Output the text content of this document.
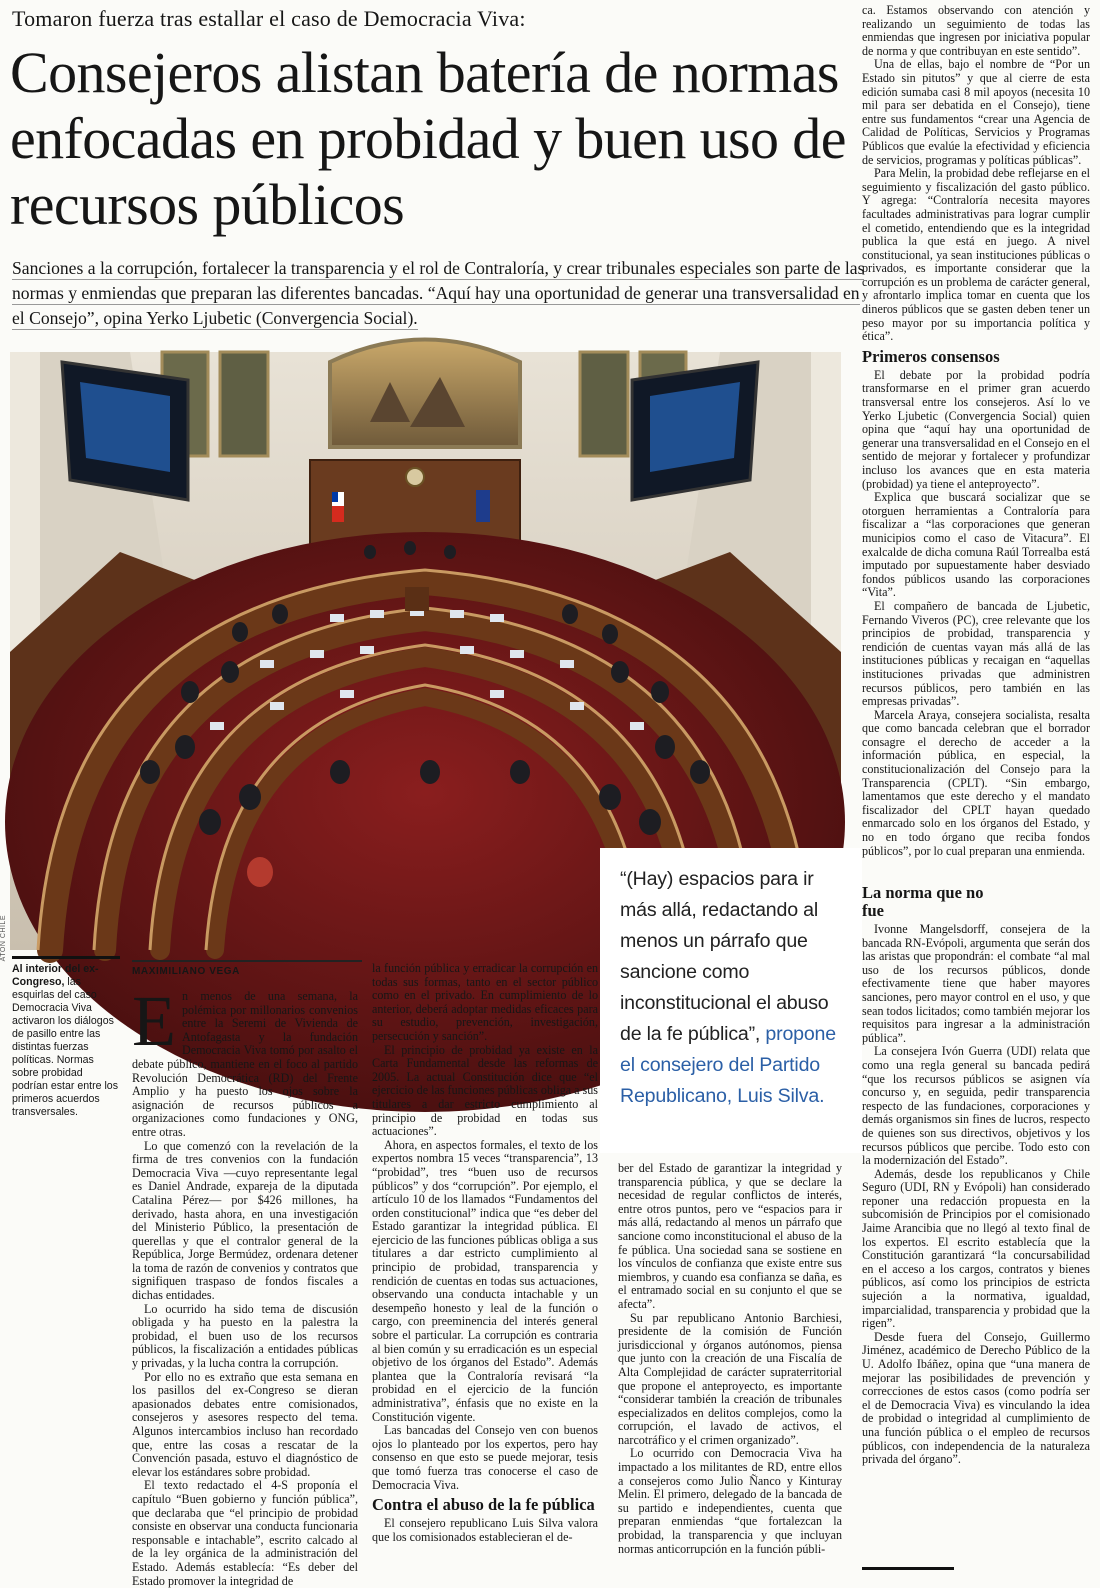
Tomaron fuerza tras estallar el caso de Democracia Viva:
Consejeros alistan batería de normas enfocadas en probidad y buen uso de recursos públicos
Sanciones a la corrupción, fortalecer la transparencia y el rol de Contraloría, y crear tribunales especiales son parte de las normas y enmiendas que preparan las diferentes bancadas. “Aquí hay una oportunidad de generar una transversalidad en el Consejo”, opina Yerko Ljubetic (Convergencia Social).
ATON CHILE
Al interior del ex-Congreso, las esquirlas del caso Democracia Viva activaron los diálogos de pasillo entre las distintas fuerzas políticas. Normas sobre probidad podrían estar entre los primeros acuerdos transversales.
MAXIMILIANO VEGA

En menos de una semana, la polémica por millonarios convenios entre la Seremi de Vivienda de Antofagasta y la fundación Democracia Viva tomó por asalto el debate público, mantiene en el foco al partido Revolución Democrática (RD) del Frente Amplio y ha puesto los ojos sobre la asignación de recursos públicos a organizaciones como fundaciones y ONG, entre otras.

Lo que comenzó con la revelación de la firma de tres convenios con la fundación Democracia Viva —cuyo representante legal es Daniel Andrade, expareja de la diputada Catalina Pérez— por $426 millones, ha derivado, hasta ahora, en una investigación del Ministerio Público, la presentación de querellas y que el contralor general de la República, Jorge Bermúdez, ordenara detener la toma de razón de convenios y contratos que signifiquen traspaso de fondos fiscales a dichas entidades.

Lo ocurrido ha sido tema de discusión obligada y ha puesto en la palestra la probidad, el buen uso de los recursos públicos, la fiscalización a entidades públicas y privadas, y la lucha contra la corrupción.

Por ello no es extraño que esta semana en los pasillos del ex-Congreso se dieran apasionados debates entre comisionados, consejeros y asesores respecto del tema. Algunos intercambios incluso han recordado que, entre las cosas a rescatar de la Convención pasada, estuvo el diagnóstico de elevar los estándares sobre probidad.

El texto redactado el 4-S proponía el capítulo “Buen gobierno y función pública”, que declaraba que “el principio de probidad consiste en observar una conducta funcionaria responsable e intachable”, escrito calcado al de la ley orgánica de la administración del Estado. Además establecía: “Es deber del Estado promover la integridad de

la función pública y erradicar la corrupción en todas sus formas, tanto en el sector público como en el privado. En cumplimiento de lo anterior, deberá adoptar medidas eficaces para su estudio, prevención, investigación, persecución y sanción”.

El principio de probidad ya existe en la Carta Fundamental desde las reformas de 2005. La actual Constitución dice que “el ejercicio de las funciones públicas obliga a sus titulares a dar estricto cumplimiento al principio de probidad en todas sus actuaciones”.

Ahora, en aspectos formales, el texto de los expertos nombra 15 veces “transparencia”, 13 “probidad”, tres “buen uso de recursos públicos” y dos “corrupción”. Por ejemplo, el artículo 10 de los llamados “Fundamentos del orden constitucional” indica que “es deber del Estado garantizar la integridad pública. El ejercicio de las funciones públicas obliga a sus titulares a dar estricto cumplimiento al principio de probidad, transparencia y rendición de cuentas en todas sus actuaciones, observando una conducta intachable y un desempeño honesto y leal de la función o cargo, con preeminencia del interés general sobre el particular. La corrupción es contraria al bien común y su erradicación es un especial objetivo de los órganos del Estado”. Además plantea que la Contraloría revisará “la probidad en el ejercicio de la función administrativa”, énfasis que no existe en la Constitución vigente.

Las bancadas del Consejo ven con buenos ojos lo planteado por los expertos, pero hay consenso en que esto se puede mejorar, tesis que tomó fuerza tras conocerse el caso de Democracia Viva.

Contra el abuso de la fe pública

El consejero republicano Luis Silva valora que los comisionados establecieran el de-

“(Hay) espacios para ir más allá, redactando al menos un párrafo que sancione como inconstitucional el abuso de la fe pública”, propone el consejero del Partido Republicano, Luis Silva.

ber del Estado de garantizar la integridad y transparencia pública, y que se declare la necesidad de regular conflictos de interés, entre otros puntos, pero ve “espacios para ir más allá, redactando al menos un párrafo que sancione como inconstitucional el abuso de la fe pública. Una sociedad sana se sostiene en los vínculos de confianza que existe entre sus miembros, y cuando esa confianza se daña, es el entramado social en su conjunto el que se afecta”.

Su par republicano Antonio Barchiesi, presidente de la comisión de Función jurisdiccional y órganos autónomos, piensa que junto con la creación de una Fiscalía de Alta Complejidad de carácter supraterritorial que propone el anteproyecto, es importante “considerar también la creación de tribunales especializados en delitos complejos, como la corrupción, el lavado de activos, el narcotráfico y el crimen organizado”.

Lo ocurrido con Democracia Viva ha impactado a los militantes de RD, entre ellos a consejeros como Julio Ñanco y Kinturay Melin. El primero, delegado de la bancada de su partido e independientes, cuenta que preparan enmiendas “que fortalezcan la probidad, la transparencia y que incluyan normas anticorrupción en la función públi-

ca. Estamos observando con atención y realizando un seguimiento de todas las enmiendas que ingresen por iniciativa popular de norma y que contribuyan en este sentido”.

Una de ellas, bajo el nombre de “Por un Estado sin pitutos” y que al cierre de esta edición sumaba casi 8 mil apoyos (necesita 10 mil para ser debatida en el Consejo), tiene entre sus fundamentos “crear una Agencia de Calidad de Políticas, Servicios y Programas Públicos que evalúe la efectividad y eficiencia de servicios, programas y políticas públicas”.

Para Melin, la probidad debe reflejarse en el seguimiento y fiscalización del gasto público. Y agrega: “Contraloría necesita mayores facultades administrativas para lograr cumplir el cometido, entendiendo que es la integridad publica la que está en juego. A nivel constitucional, ya sean instituciones públicas o privados, es importante considerar que la corrupción es un problema de carácter general, y afrontarlo implica tomar en cuenta que los dineros públicos que se gasten deben tener un peso mayor por su importancia política y ética”.

Primeros consensos

El debate por la probidad podría transformarse en el primer gran acuerdo transversal entre los consejeros. Así lo ve Yerko Ljubetic (Convergencia Social) quien opina que “aquí hay una oportunidad de generar una transversalidad en el Consejo en el sentido de mejorar y fortalecer y profundizar incluso los avances que en esta materia (probidad) ya tiene el anteproyecto”.

Explica que buscará socializar que se otorguen herramientas a Contraloría para fiscalizar a “las corporaciones que generan municipios como el caso de Vitacura”. El exalcalde de dicha comuna Raúl Torrealba está imputado por supuestamente haber desviado fondos públicos usando las corporaciones “Vita”.

El compañero de bancada de Ljubetic, Fernando Viveros (PC), cree relevante que los principios de probidad, transparencia y rendición de cuentas vayan más allá de las instituciones públicas y recaigan en “aquellas instituciones privadas que administren recursos públicos, pero también en las empresas privadas”.

Marcela Araya, consejera socialista, resalta que como bancada celebran que el borrador consagre el derecho de acceder a la información pública, en especial, la constitucionalización del Consejo para la Transparencia (CPLT). “Sin embargo, lamentamos que este derecho y el mandato fiscalizador del CPLT hayan quedado enmarcado solo en los órganos del Estado, y no en todo órgano que reciba fondos públicos”, por lo cual preparan una enmienda.

La norma que no fue

Ivonne Mangelsdorff, consejera de la bancada RN-Evópoli, argumenta que serán dos las aristas que propondrán: el combate “al mal uso de los recursos públicos, donde efectivamente tiene que haber mayores sanciones, pero mayor control en el uso, y que sean todos licitados; como también mejorar los requisitos para ingresar a la administración pública”.

La consejera Ivón Guerra (UDI) relata que como una regla general su bancada pedirá “que los recursos públicos se asignen vía concurso y, en seguida, pedir transparencia respecto de las fundaciones, corporaciones y demás organismos sin fines de lucros, respecto de quienes son sus directivos, objetivos y los recursos públicos que percibe. Todo esto con la modernización del Estado”.

Además, desde los republicanos y Chile Seguro (UDI, RN y Evópoli) han considerado reponer una redacción propuesta en la subcomisión de Principios por el comisionado Jaime Arancibia que no llegó al texto final de los expertos. El escrito establecía que la Constitución garantizará “la concursabilidad en el acceso a los cargos, contratos y bienes públicos, así como los principios de estricta sujeción a la normativa, igualdad, imparcialidad, transparencia y probidad que la rigen”.

Desde fuera del Consejo, Guillermo Jiménez, académico de Derecho Público de la U. Adolfo Ibáñez, opina que “una manera de mejorar las posibilidades de prevención y correcciones de estos casos (como podría ser el de Democracia Viva) es vinculando la idea de probidad o integridad al cumplimiento de una función pública o el empleo de recursos públicos, con independencia de la naturaleza privada del órgano”.
